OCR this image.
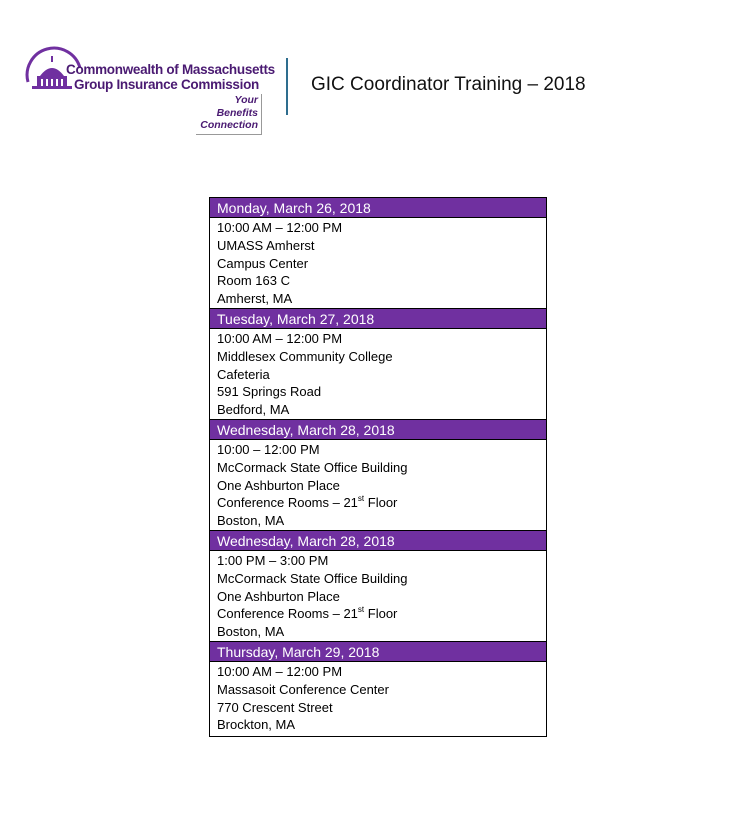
Commonwealth of Massachusetts
Group Insurance Commission
Your
Benefits
Connection
GIC Coordinator Training – 2018
Monday, March 26, 2018
10:00 AM – 12:00 PM
UMASS Amherst
Campus Center
Room 163 C
Amherst, MA
Tuesday, March 27, 2018
10:00 AM – 12:00 PM
Middlesex Community College
Cafeteria
591 Springs Road
Bedford, MA
Wednesday, March 28, 2018
10:00 – 12:00 PM
McCormack State Office Building
One Ashburton Place
Conference Rooms – 21st Floor
Boston, MA
Wednesday, March 28, 2018
1:00 PM – 3:00 PM
McCormack State Office Building
One Ashburton Place
Conference Rooms – 21st Floor
Boston, MA
Thursday, March 29, 2018
10:00 AM – 12:00 PM
Massasoit Conference Center
770 Crescent Street
Brockton, MA
